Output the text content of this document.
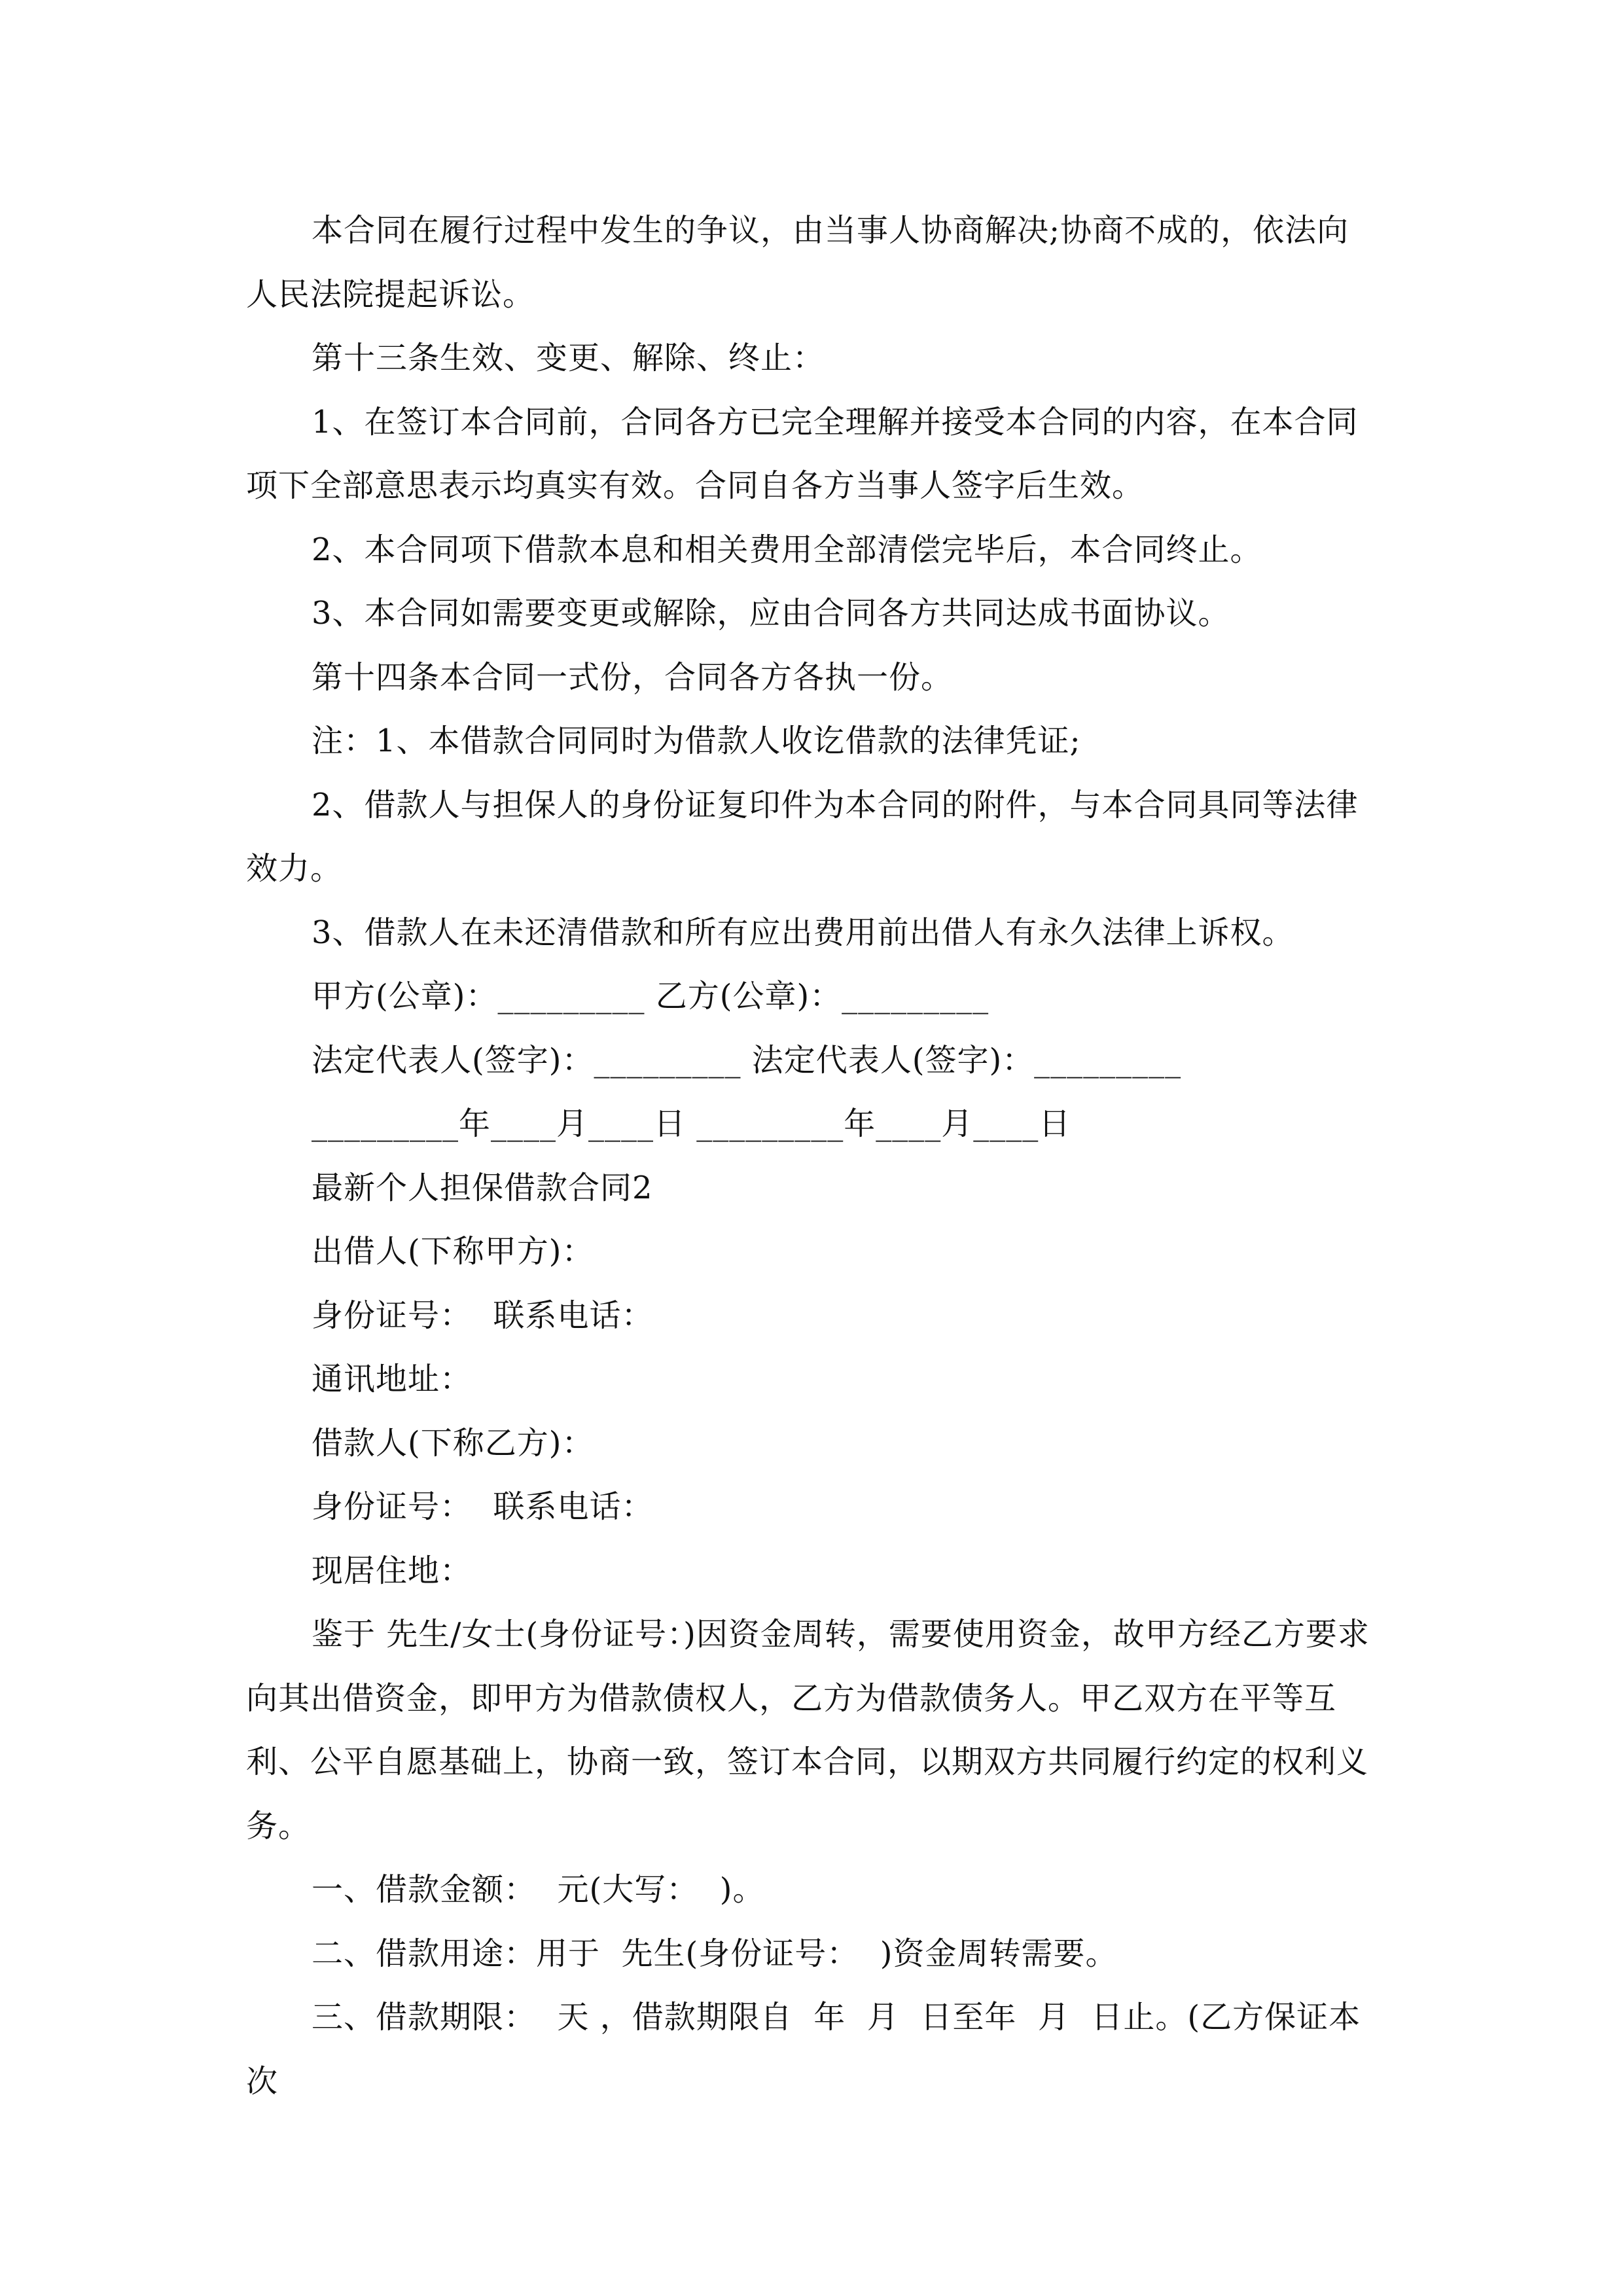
本合同在履行过程中发生的争议，由当事人协商解决;协商不成的，依法向人民法院提起诉讼。

第十三条生效、变更、解除、终止：

1、在签订本合同前，合同各方已完全理解并接受本合同的内容，在本合同项下全部意思表示均真实有效。合同自各方当事人签字后生效。

2、本合同项下借款本息和相关费用全部清偿完毕后，本合同终止。

3、本合同如需要变更或解除，应由合同各方共同达成书面协议。

第十四条本合同一式份，合同各方各执一份。

注：1、本借款合同同时为借款人收讫借款的法律凭证;

2、借款人与担保人的身份证复印件为本合同的附件，与本合同具同等法律效力。

3、借款人在未还清借款和所有应出费用前出借人有永久法律上诉权。

甲方(公章)：_________ 乙方(公章)：_________

法定代表人(签字)：_________ 法定代表人(签字)：_________

_________年____月____日 _________年____月____日

最新个人担保借款合同2

出借人(下称甲方)：

身份证号：  联系电话：

通讯地址：

借款人(下称乙方)：

身份证号：  联系电话：

现居住地：

鉴于 先生/女士(身份证号：)因资金周转，需要使用资金，故甲方经乙方要求向其出借资金，即甲方为借款债权人，乙方为借款债务人。甲乙双方在平等互利、公平自愿基础上，协商一致，签订本合同，以期双方共同履行约定的权利义务。

一、借款金额：  元(大写：  )。

二、借款用途：用于  先生(身份证号：  )资金周转需要。

三、借款期限：  天 ，借款期限自  年  月  日至年  月  日止。(乙方保证本次
